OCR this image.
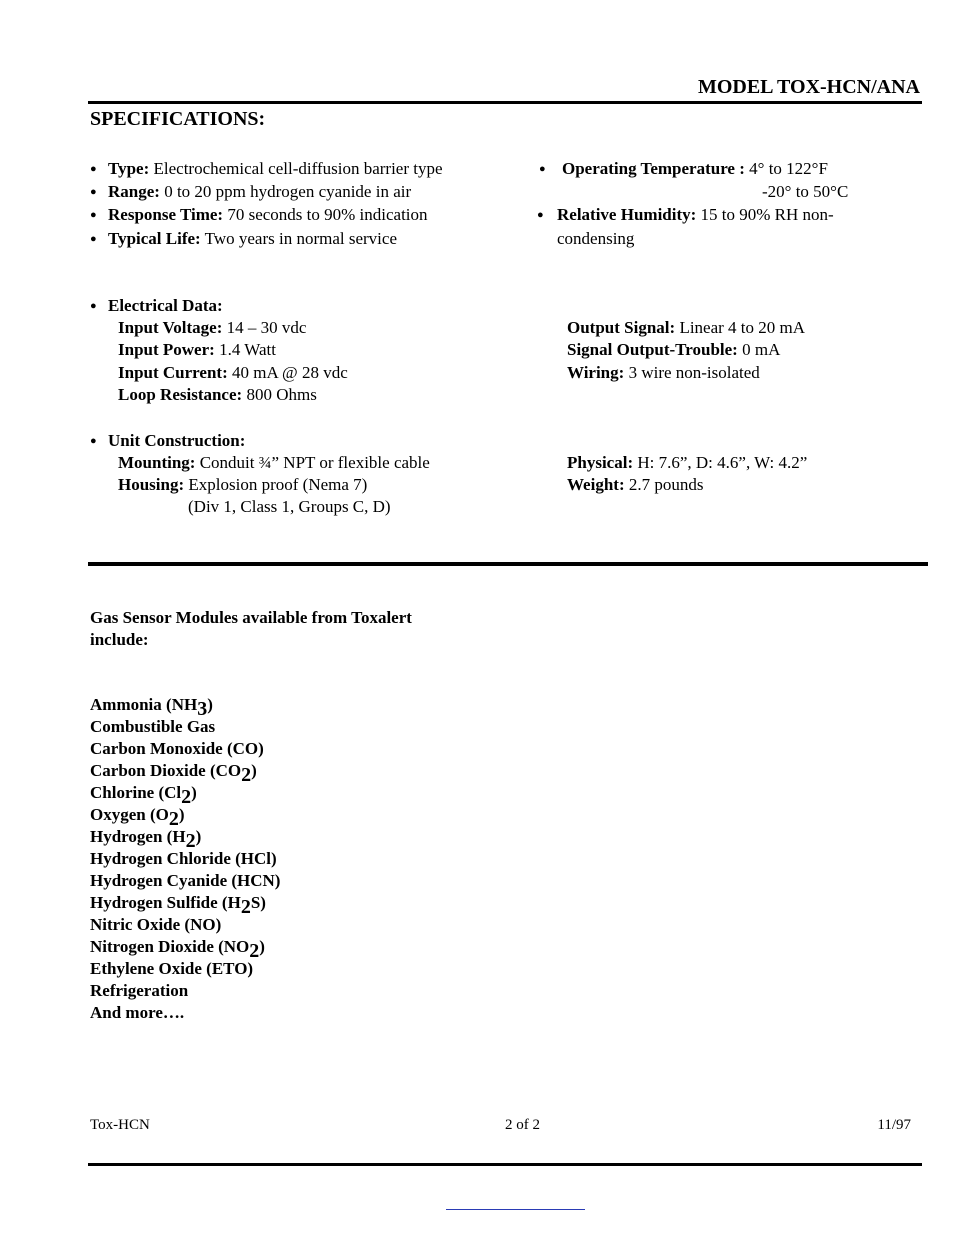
MODEL TOX-HCN/ANA
SPECIFICATIONS:
● Type: Electrochemical cell-diffusion barrier type
● Range: 0 to 20 ppm hydrogen cyanide in air
● Response Time: 70 seconds to 90% indication
● Typical Life: Two years in normal service
● Operating Temperature : 4° to 122°F
-20° to 50°C
● Relative Humidity: 15 to 90% RH non-
condensing
● Electrical Data:
Input Voltage: 14 – 30 vdc
Input Power: 1.4 Watt
Input Current: 40 mA @ 28 vdc
Loop Resistance: 800 Ohms
Output Signal: Linear 4 to 20 mA
Signal Output-Trouble: 0 mA
Wiring: 3 wire non-isolated
● Unit Construction:
Mounting: Conduit ¾” NPT or flexible cable
Housing: Explosion proof (Nema 7)
(Div 1, Class 1, Groups C, D)
Physical: H: 7.6”, D: 4.6”, W: 4.2”
Weight: 2.7 pounds
Gas Sensor Modules available from Toxalert
include:
Ammonia $(NH_3)$
Combustible Gas
Carbon Monoxide (CO)
Carbon Dioxide $(CO_2)$
Chlorine $(Cl_2)$
Oxygen $(O_2)$
Hydrogen $(H_2)$
Hydrogen Chloride (HCl)
Hydrogen Cyanide (HCN)
Hydrogen Sulfide $(H_2S)$
Nitric Oxide (NO)
Nitrogen Dioxide $(NO_2)$
Ethylene Oxide (ETO)
Refrigeration
And more….
Tox-HCN	2 of 2	11/97
